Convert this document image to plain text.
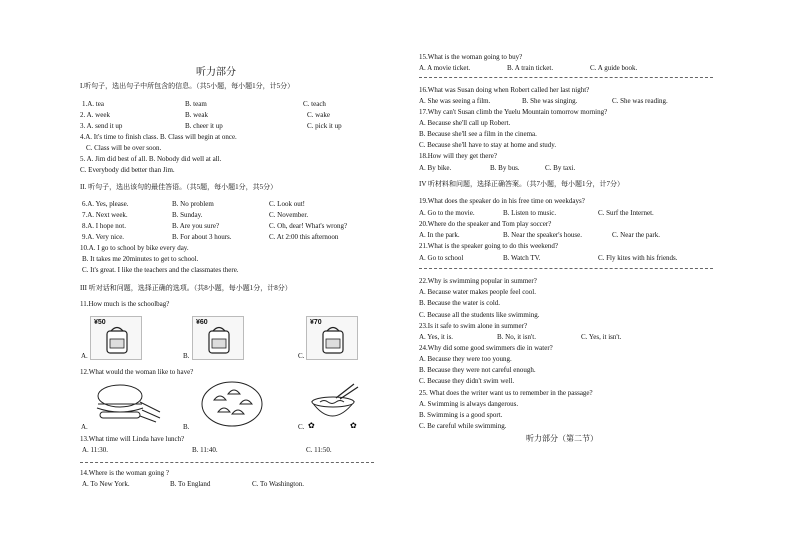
听力部分
I.听句子，选出句子中所包含的信息。（共5小题，每小题1分，计5分）
1.A. tea	B. team	C. teach
2. A. week	B. weak	C. wake
3. A. send it up	B. cheer it up	C. pick it up
4.A. It's time to finish class. B. Class will begin at once.
C. Class will be over soon.
5. A. Jim did best of all. B. Nobody did well at all.
C. Everybody did better than Jim.
II. 听句子，选出该句的最佳答语。（共5题，每小题1分，共5分）
6.A. Yes, please.	B. No problem	C. Look out!
7.A. Next week.	B. Sunday.	C. November.
8.A. I hope not.	B. Are you sure?	C. Oh, dear! What's wrong?
9.A. Very nice.	B. For about 3 hours.	C. At 2:00 this afternoon
10.A. I go to school by bike every day.
B. It takes me 20minutes to get to school.
C. It's great. I like the teachers and the classmates there.
III 听对话和问题，选择正确的选项。（共8小题，每小题1分，计8分）
11.How much is the schoolbag?
¥50
A.
¥60
B.
¥70
C.
12.What would the woman like to have?
A.	B.	✿	✿
C.
13.What time will Linda have lunch?
A. 11:30.	B. 11:40.	C. 11:50.
14.Where is the woman going ?
A. To New York.	B. To England	C. To Washington.
15.What is the woman going to buy?
A. A movie ticket.	B. A train ticket.	C. A guide book.
16.What was Susan doing when Robert called her last night?
A. She was seeing a film.	B. She was singing.	C. She was reading.
17.Why can't Susan climb the Yuelu Mountain tomorrow morning?
A. Because she'll call up Robert.
B. Because she'll see a film in the cinema.
C. Because she'll have to stay at home and study.
18.How will they get there?
A. By bike.	B. By bus.	C. By taxi.
IV 听材料和问题，选择正确答案。（共7小题，每小题1分，计7分）
19.What does the speaker do in his free time on weekdays?
A. Go to the movie.	B. Listen to music.	C. Surf the Internet.
20.Where do the speaker and Tom play soccer?
A. In the park.	B. Near the speaker's house.	C. Near the park.
21.What is the speaker going to do this weekend?
A. Go to school	B. Watch TV.	C. Fly kites with his friends.
22.Why is swimming popular in summer?
A. Because water makes people feel cool.
B. Because the water is cold.
C. Because all the students like swimming.
23.Is it safe to swim alone in summer?
A. Yes, it is.	B. No, it isn't.	C. Yes, it isn't.
24.Why did some good swimmers die in water?
A. Because they were too young.
B. Because they were not careful enough.
C. Because they didn't swim well.
25. What does the writer want us to remember in the passage?
A. Swimming is always dangerous.
B. Swimming is a good sport.
C. Be careful while swimming.
听力部分（第二节）
